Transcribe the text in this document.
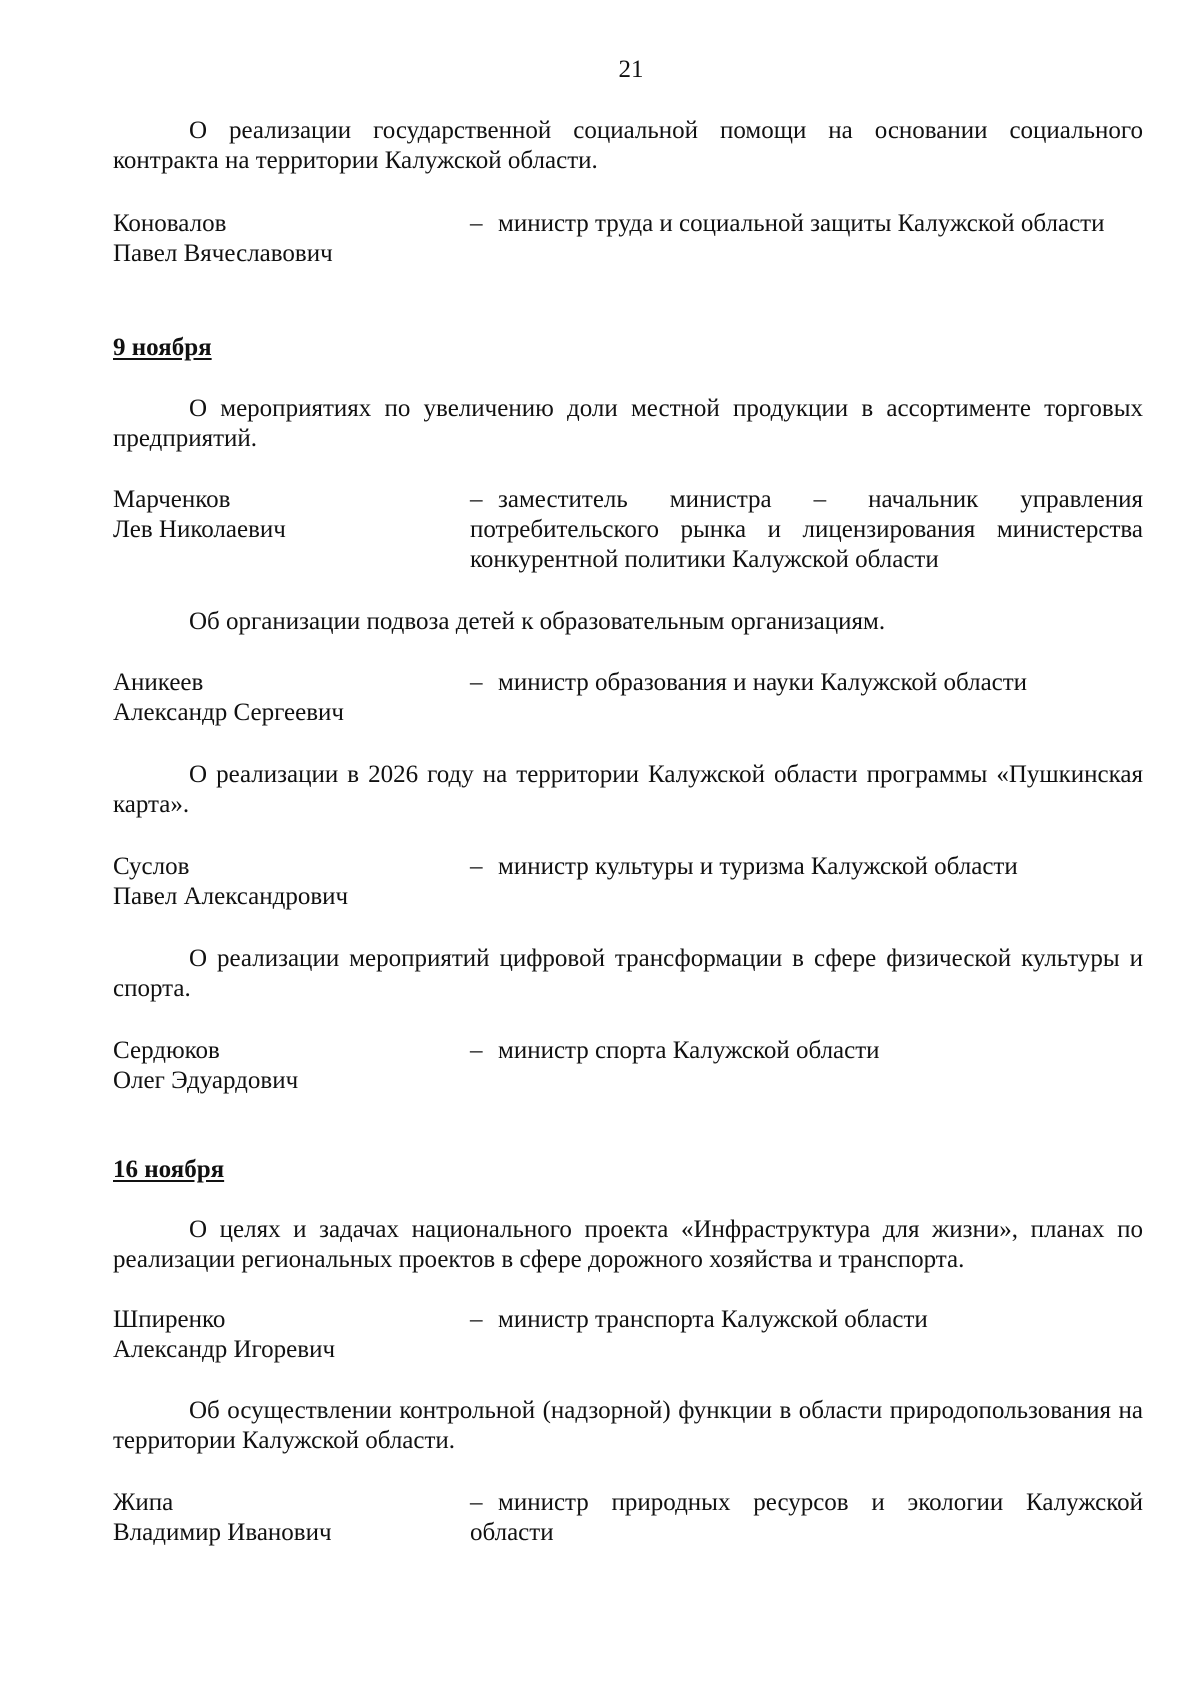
21

О реализации государственной социальной помощи на основании социального контракта на территории Калужской области.

Коновалов
Павел Вячеславович
– министр труда и социальной защиты Калужской области
9 ноября

О мероприятиях по увеличению доли местной продукции в ассортименте торговых предприятий.

Марченков
Лев Николаевич
– заместитель министра – начальник управления потребительского рынка и лицензирования министерства конкурентной политики Калужской области

Об организации подвоза детей к образовательным организациям.

Аникеев
Александр Сергеевич
– министр образования и науки Калужской области

О реализации в 2026 году на территории Калужской области программы «Пушкинская карта».

Суслов
Павел Александрович
– министр культуры и туризма Калужской области

О реализации мероприятий цифровой трансформации в сфере физической культуры и спорта.

Сердюков
Олег Эдуардович
– министр спорта Калужской области
16 ноября

О целях и задачах национального проекта «Инфраструктура для жизни», планах по реализации региональных проектов в сфере дорожного хозяйства и транспорта.

Шпиренко
Александр Игоревич
– министр транспорта Калужской области

Об осуществлении контрольной (надзорной) функции в области природопользования на территории Калужской области.

Жипа
Владимир Иванович
– министр природных ресурсов и экологии Калужской области
